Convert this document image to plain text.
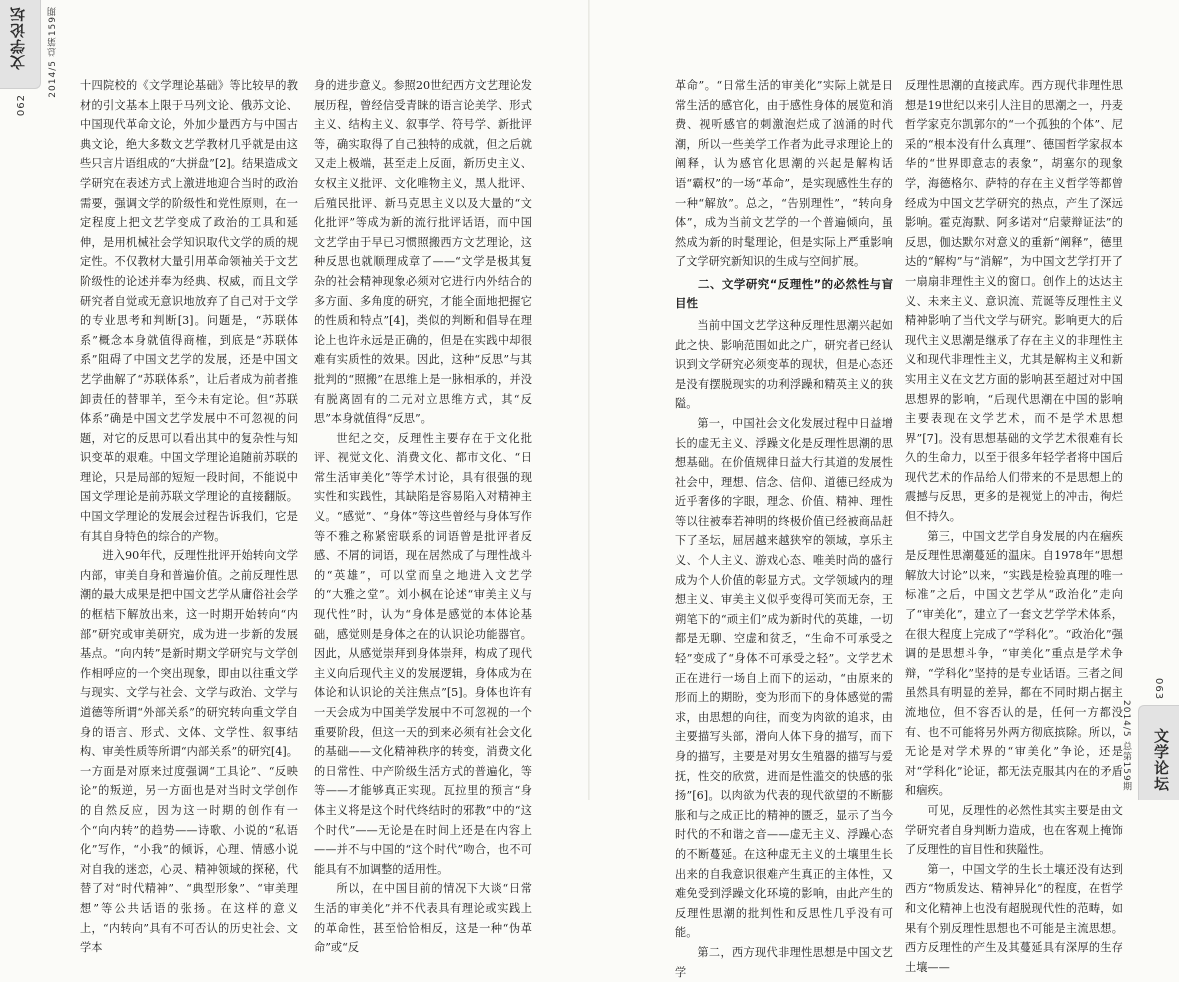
文学论坛	2014/5 总第159期
062

十四院校的《文学理论基础》等比较早的教材的引文基本上限于马列文论、俄苏文论、中国现代革命文论，外加少量西方与中国古典文论，绝大多数文艺学教材几乎就是由这些只言片语组成的“大拼盘”[2]。结果造成文学研究在表述方式上激进地迎合当时的政治需要，强调文学的阶级性和党性原则，在一定程度上把文艺学变成了政治的工具和延伸，是用机械社会学知识取代文学的质的规定性。不仅教材大量引用革命领袖关于文艺阶级性的论述并奉为经典、权威，而且文学研究者自觉或无意识地放弃了自己对于文学的专业思考和判断[3]。问题是，“苏联体系”概念本身就值得商榷，到底是“苏联体系”阻碍了中国文艺学的发展，还是中国文艺学曲解了“苏联体系”，让后者成为前者推卸责任的替罪羊，至今未有定论。但“苏联体系”确是中国文艺学发展中不可忽视的问题，对它的反思可以看出其中的复杂性与知识变革的艰难。中国文学理论追随前苏联的理论，只是局部的短短一段时间，不能说中国文学理论是前苏联文学理论的直接翻版。中国文学理论的发展会过程告诉我们，它是有其自身特色的综合的产物。

进入90年代，反理性批评开始转向文学内部，审美自身和普遍价值。之前反理性思潮的最大成果是把中国文艺学从庸俗社会学的框桔下解放出来，这一时期开始转向“内部”研究或审美研究，成为进一步新的发展基点。“向内转”是新时期文学研究与文学创作相呼应的一个突出现象，即由以往重文学与现实、文学与社会、文学与政治、文学与道德等所谓“外部关系”的研究转向重文学自身的语言、形式、文体、文学性、叙事结构、审美性质等所谓“内部关系”的研究[4]。一方面是对原来过度强调“工具论”、“反映论”的叛逆，另一方面也是对当时文学创作的自然反应，因为这一时期的创作有一个“向内转”的趋势——诗歌、小说的“私语化”写作，“小我”的倾诉，心理、情感小说对自我的迷恋，心灵、精神领域的探秘，代替了对“时代精神”、“典型形象”、“审美理想”等公共话语的张扬。在这样的意义上，“内转向”具有不可否认的历史社会、文学本

身的进步意义。参照20世纪西方文艺理论发展历程，曾经信受青睐的语言论美学、形式主义、结构主义、叙事学、符号学、新批评等，确实取得了自己独特的成就，但之后就又走上极端，甚至走上反面，新历史主义、女权主义批评、文化唯物主义，黑人批评、后殖民批评、新马克思主义以及大量的“文化批评”等成为新的流行批评话语，而中国文艺学由于早已习惯照搬西方文艺理论，这种反思也就顺理成章了——“文学是极其复杂的社会精神现象必须对它进行内外结合的多方面、多角度的研究，才能全面地把握它的性质和特点”[4]，类似的判断和倡导在理论上也许永远是正确的，但是在实践中却很难有实质性的效果。因此，这种“反思”与其批判的“照搬”在思维上是一脉相承的，并没有脱离固有的二元对立思维方式，其“反思”本身就值得“反思”。

世纪之交，反理性主要存在于文化批评、视觉文化、消费文化、都市文化、“日常生活审美化”等学术讨论，具有很强的现实性和实践性，其缺陷是容易陷入对精神主义。“感觉”、“身体”等这些曾经与身体写作等不雅之称紧密联系的词语曾是批评者反感、不屑的词语，现在居然成了与理性战斗的“英雄”，可以堂而皇之地进入文艺学的“大雅之堂”。刘小枫在论述“审美主义与现代性”时，认为“身体是感觉的本体论基础，感觉则是身体之在的认识论功能器官。因此，从感觉崇拜到身体崇拜，构成了现代主义向后现代主义的发展逻辑，身体成为在体论和认识论的关注焦点”[5]。身体也许有一天会成为中国美学发展中不可忽视的一个重要阶段，但这一天的到来必须有社会文化的基础——文化精神秩序的转变，消费文化的日常性、中产阶级生活方式的普遍化，等等——才能够真正实现。瓦拉里的预言“身体主义将是这个时代终结时的邪教”中的“这个时代”——无论是在时间上还是在内容上——并不与中国的“这个时代”吻合，也不可能具有不加调整的适用性。

所以，在中国目前的情况下大谈“日常生活的审美化”并不代表具有理论或实践上的革命性，甚至恰恰相反，这是一种“伪革命”或“反

革命”。“日常生活的审美化”实际上就是日常生活的感官化，由于感性身体的展览和消费、视听感官的刺激泡烂成了汹涌的时代潮，所以一些美学工作者为此寻求理论上的阐释，认为感官化思潮的兴起是解构话语“霸权”的一场“革命”，是实现感性生存的一种“解放”。总之，“告别理性”，“转向身体”，成为当前文艺学的一个普遍倾向，虽然成为新的时髦理论，但是实际上严重影响了文学研究新知识的生成与空间扩展。

二、文学研究“反理性”的必然性与盲目性

当前中国文艺学这种反理性思潮兴起如此之快、影响范围如此之广，研究者已经认识到文学研究必须变革的现状，但是心态还是没有摆脱现实的功利浮躁和精英主义的狭隘。

第一，中国社会文化发展过程中日益增长的虚无主义、浮躁文化是反理性思潮的思想基础。在价值规律日益大行其道的发展性社会中，理想、信念、信仰、道德已经成为近乎奢侈的字眼，理念、价值、精神、理性等以往被奉若神明的终极价值已经被商品赶下了圣坛，屈居越来越狭窄的领域，享乐主义、个人主义、游戏心态、唯美时尚的盛行成为个人价值的彰显方式。文学领域内的理想主义、审美主义似乎变得可笑而无奈，王朔笔下的“顽主们”成为新时代的英雄，一切都是无聊、空虚和贫乏，“生命不可承受之轻”变成了“身体不可承受之轻”。文学艺术正在进行一场自上而下的运动，“由原来的形而上的期盼，变为形而下的身体感觉的需求，由思想的向往，而变为肉欲的追求，由主要描写头部，滑向人体下身的描写，而下身的描写，主要是对男女生殖器的描写与爱抚，性交的欣赏，进而是性滥交的快感的张扬”[6]。以肉欲为代表的现代欲望的不断膨胀和与之成正比的精神的匮乏，显示了当今时代的不和谐之音——虚无主义、浮躁心态的不断蔓延。在这种虚无主义的土壤里生长出来的自我意识很难产生真正的主体性，又难免受到浮躁文化环境的影响，由此产生的反理性思潮的批判性和反思性几乎没有可能。

第二，西方现代非理性思想是中国文艺学

反理性思潮的直接武库。西方现代非理性思想是19世纪以来引人注目的思潮之一，丹麦哲学家克尔凯郭尔的“一个孤独的个体”、尼采的“根本没有什么真理”、德国哲学家叔本华的“世界即意志的表象”，胡塞尔的现象学，海德格尔、萨特的存在主义哲学等都曾经成为中国文艺学研究的热点，产生了深远影响。霍克海默、阿多诺对“启蒙辩证法”的反思，伽达默尔对意义的重新“阐释”，德里达的“解构”与“消解”，为中国文艺学打开了一扇扇非理性主义的窗口。创作上的达达主义、未来主义、意识流、荒诞等反理性主义精神影响了当代文学与研究。影响更大的后现代主义思潮是继承了存在主义的非理性主义和现代非理性主义，尤其是解构主义和新实用主义在文艺方面的影响甚至超过对中国思想界的影响，“后现代思潮在中国的影响主要表现在文学艺术，而不是学术思想界”[7]。没有思想基础的文学艺术很难有长久的生命力，以至于很多年轻学者将中国后现代艺术的作品给人们带来的不是思想上的震撼与反思，更多的是视觉上的冲击，徇烂但不持久。

第三，中国文艺学自身发展的内在痼疾是反理性思潮蔓延的温床。自1978年“思想解放大讨论”以来，“实践是检验真理的唯一标准”之后，中国文艺学从“政治化”走向了“审美化”，建立了一套文艺学学术体系，在很大程度上完成了“学科化”。“政治化”强调的是思想斗争，“审美化”重点是学术争辩，“学科化”坚持的是专业话语。三者之间虽然具有明显的差异，都在不同时期占据主流地位，但不容否认的是，任何一方都没有、也不可能将另外两方彻底摈除。所以，无论是对学术界的“审美化”争论，还是对“学科化”论证，都无法克服其内在的矛盾和痼疾。

可见，反理性的必然性其实主要是由文学研究者自身判断力造成，也在客观上掩饰了反理性的盲目性和狭隘性。

第一，中国文学的生长土壤还没有达到西方“物质发达、精神异化”的程度，在哲学和文化精神上也没有超脱现代性的范畴，如果有个别反理性思想也不可能是主流思想。西方反理性的产生及其蔓延具有深厚的生存土壤——

2014/5 总第159期
063
文学论坛
